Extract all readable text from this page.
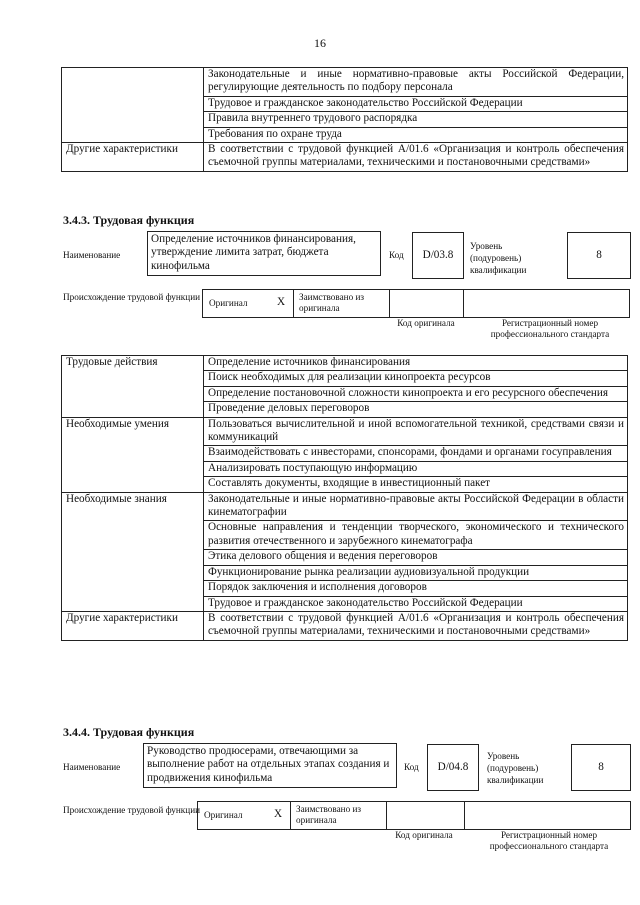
16
	Законодательные и иные нормативно-правовые акты Российской Федерации, регулирующие деятельность по подбору персонала
	Трудовое и гражданское законодательство Российской Федерации
	Правила внутреннего трудового распорядка
	Требования по охране труда
Другие характеристики	В соответствии с трудовой функцией А/01.6 «Организация и контроль обеспечения съемочной группы материалами, техническими и постановочными средствами»
3.4.3. Трудовая функция
Наименование
Определение источников финансирования, утверждение лимита затрат, бюджета кинофильма
Код	D/03.8
Уровень (подуровень) квалификации
8
Происхождение трудовой функции
Оригинал	X Заимствовано из оригинала
Код оригинала	Регистрационный номер профессионального стандарта
Трудовые действия	Определение источников финансирования
	Поиск необходимых для реализации кинопроекта ресурсов
	Определение постановочной сложности кинопроекта и его ресурсного обеспечения
	Проведение деловых переговоров
Необходимые умения	Пользоваться вычислительной и иной вспомогательной техникой, средствами связи и коммуникаций
	Взаимодействовать с инвесторами, спонсорами, фондами и органами госуправления
	Анализировать поступающую информацию
	Составлять документы, входящие в инвестиционный пакет
Необходимые знания	Законодательные и иные нормативно-правовые акты Российской Федерации в области кинематографии
	Основные направления и тенденции творческого, экономического и технического развития отечественного и зарубежного кинематографа
	Этика делового общения и ведения переговоров
	Функционирование рынка реализации аудиовизуальной продукции
	Порядок заключения и исполнения договоров
	Трудовое и гражданское законодательство Российской Федерации
Другие характеристики	В соответствии с трудовой функцией А/01.6 «Организация и контроль обеспечения съемочной группы материалами, техническими и постановочными средствами»
3.4.4. Трудовая функция
Наименование
Руководство продюсерами, отвечающими за выполнение работ на отдельных этапах создания и продвижения кинофильма
Код	D/04.8
Уровень (подуровень) квалификации
8
Происхождение трудовой функции Оригинал	X Заимствовано из оригинала
Код оригинала	Регистрационный номер профессионального стандарта
